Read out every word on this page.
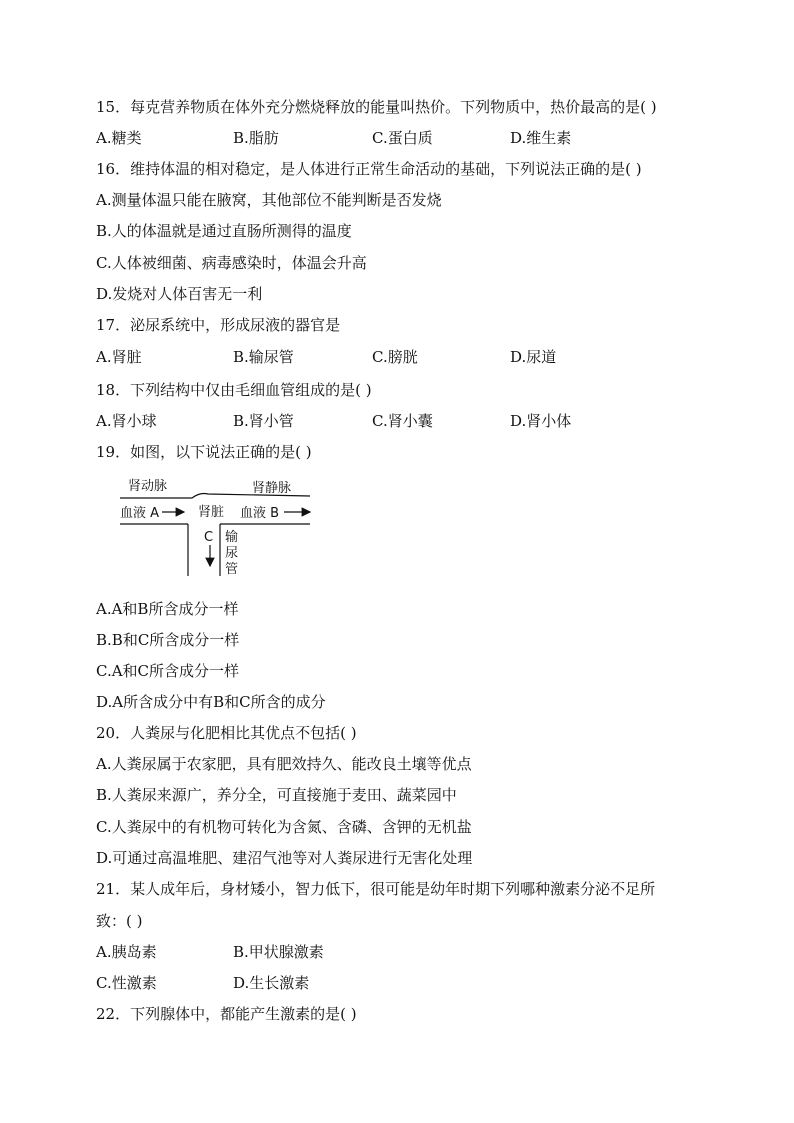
15．每克营养物质在体外充分燃烧释放的能量叫热价。下列物质中，热价最高的是( )
A.糖类	B.脂肪	C.蛋白质	D.维生素
16．维持体温的相对稳定，是人体进行正常生命活动的基础，下列说法正确的是( )
A.测量体温只能在腋窝，其他部位不能判断是否发烧
B.人的体温就是通过直肠所测得的温度
C.人体被细菌、病毒感染时，体温会升高
D.发烧对人体百害无一利
17．泌尿系统中，形成尿液的器官是
A.肾脏	B.输尿管	C.膀胱	D.尿道
18．下列结构中仅由毛细血管组成的是( )
A.肾小球	B.肾小管	C.肾小囊	D.肾小体
19．如图，以下说法正确的是( )
肾动脉	肾静脉
血液 A	肾脏 血液 B
C 输
尿
管
A.A和B所含成分一样
B.B和C所含成分一样
C.A和C所含成分一样
D.A所含成分中有B和C所含的成分
20．人粪尿与化肥相比其优点不包括( )
A.人粪尿属于农家肥，具有肥效持久、能改良土壤等优点
B.人粪尿来源广，养分全，可直接施于麦田、蔬菜园中
C.人粪尿中的有机物可转化为含氮、含磷、含钾的无机盐
D.可通过高温堆肥、建沼气池等对人粪尿进行无害化处理
21．某人成年后，身材矮小，智力低下，很可能是幼年时期下列哪种激素分泌不足所
致：( )
A.胰岛素	B.甲状腺激素
C.性激素	D.生长激素
22．下列腺体中，都能产生激素的是( )
